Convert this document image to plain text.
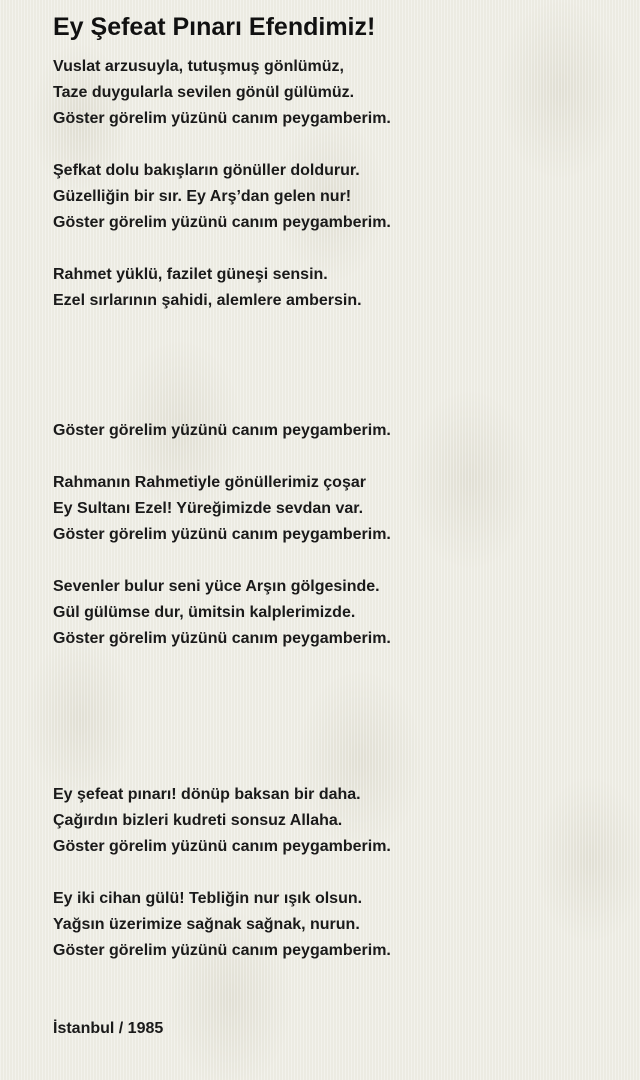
Ey Şefeat Pınarı Efendimiz!
Vuslat arzusuyla, tutuşmuş gönlümüz,
Taze duygularla sevilen gönül gülümüz.
Göster görelim yüzünü canım peygamberim.
Şefkat dolu bakışların gönüller doldurur.
Güzelliğin bir sır. Ey Arş’dan gelen nur!
Göster görelim yüzünü canım peygamberim.
Rahmet yüklü, fazilet güneşi sensin.
Ezel sırlarının şahidi, alemlere ambersin.
Göster görelim yüzünü canım peygamberim.
Rahmanın Rahmetiyle gönüllerimiz çoşar
Ey Sultanı Ezel! Yüreğimizde sevdan var.
Göster görelim yüzünü canım peygamberim.
Sevenler bulur seni yüce Arşın gölgesinde.
Gül gülümse dur, ümitsin kalplerimizde.
Göster görelim yüzünü canım peygamberim.
Ey şefeat pınarı! dönüp baksan bir daha.
Çağırdın bizleri kudreti sonsuz Allaha.
Göster görelim yüzünü canım peygamberim.
Ey iki cihan gülü! Tebliğin nur ışık olsun.
Yağsın üzerimize sağnak sağnak, nurun.
Göster görelim yüzünü canım peygamberim.
İstanbul / 1985
